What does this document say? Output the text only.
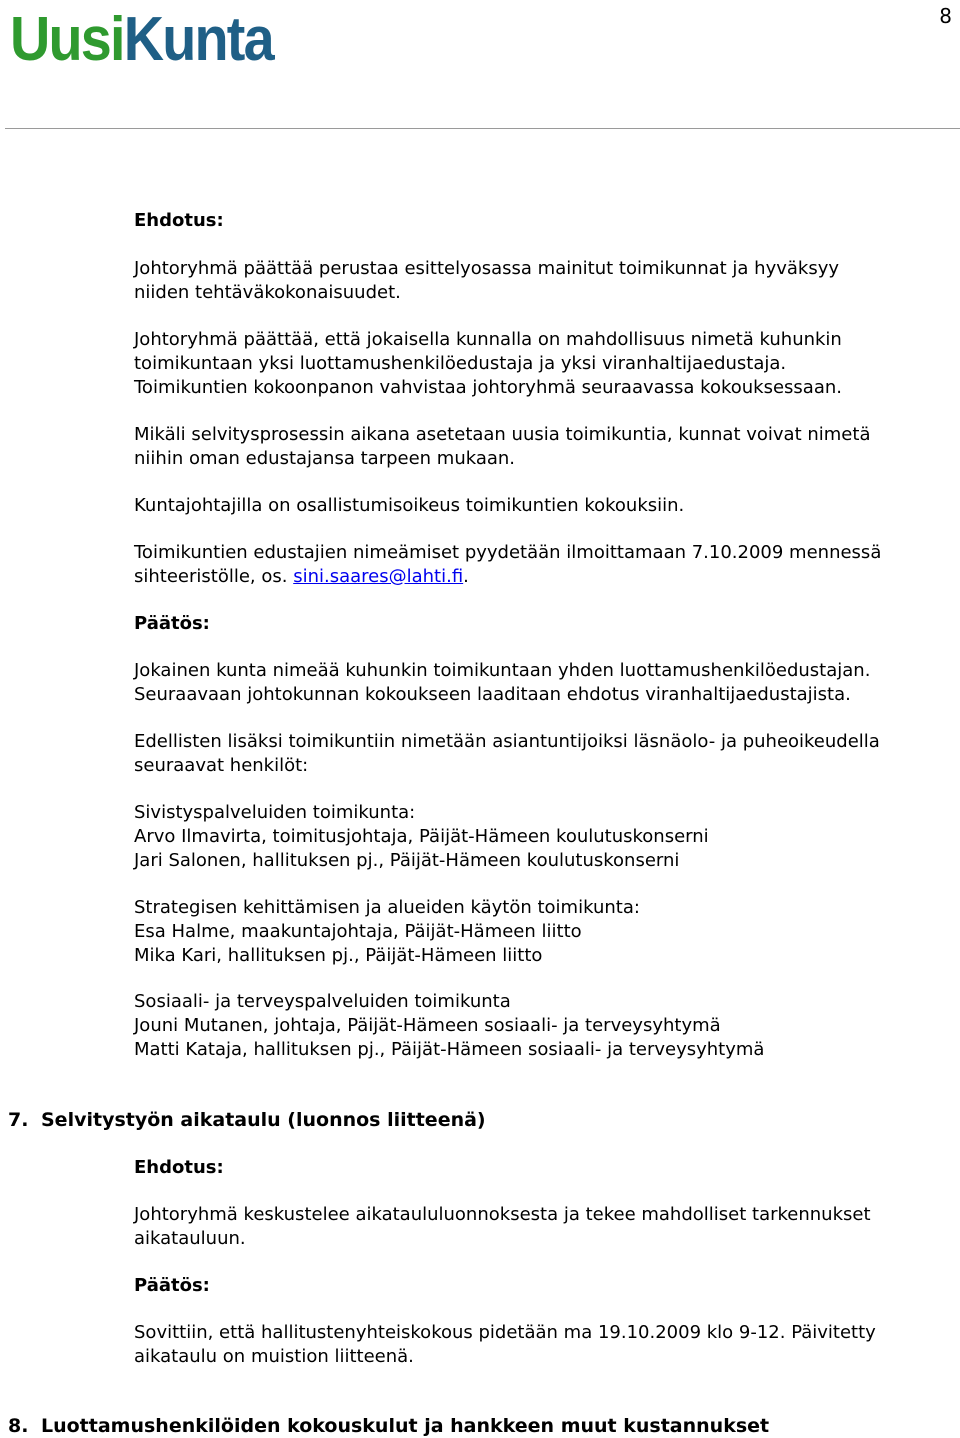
UusiKunta	8

Ehdotus:

Johtoryhmä päättää perustaa esittelyosassa mainitut toimikunnat ja hyväksyy

niiden tehtäväkokonaisuudet.

Johtoryhmä päättää, että jokaisella kunnalla on mahdollisuus nimetä kuhunkin

toimikuntaan yksi luottamushenkilöedustaja ja yksi viranhaltijaedustaja.

Toimikuntien kokoonpanon vahvistaa johtoryhmä seuraavassa kokouksessaan.

Mikäli selvitysprosessin aikana asetetaan uusia toimikuntia, kunnat voivat nimetä

niihin oman edustajansa tarpeen mukaan.

Kuntajohtajilla on osallistumisoikeus toimikuntien kokouksiin.

Toimikuntien edustajien nimeämiset pyydetään ilmoittamaan 7.10.2009 mennessä

sihteeristölle, os. sini.saares@lahti.fi.

Päätös:

Jokainen kunta nimeää kuhunkin toimikuntaan yhden luottamushenkilöedustajan.

Seuraavaan johtokunnan kokoukseen laaditaan ehdotus viranhaltijaedustajista.

Edellisten lisäksi toimikuntiin nimetään asiantuntijoiksi läsnäolo- ja puheoikeudella

seuraavat henkilöt:

Sivistyspalveluiden toimikunta:

Arvo Ilmavirta, toimitusjohtaja, Päijät-Hämeen koulutuskonserni

Jari Salonen, hallituksen pj., Päijät-Hämeen koulutuskonserni

Strategisen kehittämisen ja alueiden käytön toimikunta:

Esa Halme, maakuntajohtaja, Päijät-Hämeen liitto

Mika Kari, hallituksen pj., Päijät-Hämeen liitto

Sosiaali- ja terveyspalveluiden toimikunta

Jouni Mutanen, johtaja, Päijät-Hämeen sosiaali- ja terveysyhtymä

Matti Kataja, hallituksen pj., Päijät-Hämeen sosiaali- ja terveysyhtymä

7. Selvitystyön aikataulu (luonnos liitteenä)

Ehdotus:

Johtoryhmä keskustelee aikataululuonnoksesta ja tekee mahdolliset tarkennukset

aikatauluun.

Päätös:

Sovittiin, että hallitustenyhteiskokous pidetään ma 19.10.2009 klo 9-12. Päivitetty

aikataulu on muistion liitteenä.

8. Luottamushenkilöiden kokouskulut ja hankkeen muut kustannukset
